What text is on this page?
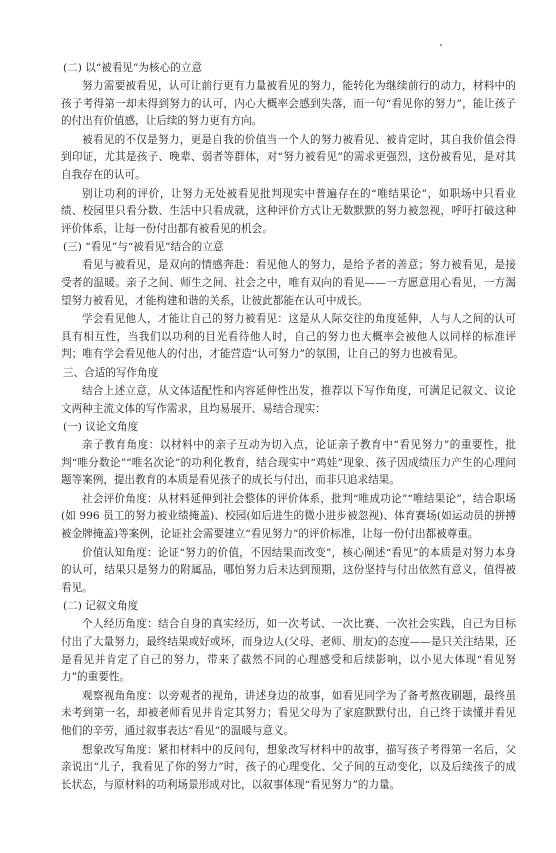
(二) 以“被看见”为核心的立意

努力需要被看见，认可让前行更有力量被看见的努力，能转化为继续前行的动力，材料中的孩子考得第一却未得到努力的认可，内心大概率会感到失落，而一句“看见你的努力”，能让孩子的付出有价值感，让后续的努力更有方向。

被看见的不仅是努力，更是自我的价值当一个人的努力被看见、被肯定时，其自我价值会得到印证，尤其是孩子、晚辈、弱者等群体，对“努力被看见”的需求更强烈，这份被看见，是对其自我存在的认可。

别让功利的评价，让努力无处被看见批判现实中普遍存在的“唯结果论”，如职场中只看业绩、校园里只看分数、生活中只看成就，这种评价方式让无数默默的努力被忽视，呼吁打破这种评价体系，让每一份付出都有被看见的机会。

(三) “看见”与“被看见”结合的立意

看见与被看见，是双向的情感奔赴：看见他人的努力，是给予者的善意；努力被看见，是接受者的温暖。亲子之间、师生之间、社会之中，唯有双向的看见——一方愿意用心看见，一方渴望努力被看见，才能构建和谐的关系，让彼此都能在认可中成长。

学会看见他人，才能让自己的努力被看见：这是从人际交往的角度延伸，人与人之间的认可具有相互性，当我们以功利的目光看待他人时，自己的努力也大概率会被他人以同样的标准评判；唯有学会看见他人的付出，才能营造“认可努力”的氛围，让自己的努力也被看见。

三、合适的写作角度

结合上述立意，从文体适配性和内容延伸性出发，推荐以下写作角度，可满足记叙文、议论文两种主流文体的写作需求，且均易展开、易结合现实：

(一) 议论文角度

亲子教育角度：以材料中的亲子互动为切入点，论证亲子教育中“看见努力”的重要性，批判“唯分数论”“唯名次论”的功利化教育，结合现实中“鸡娃”现象、孩子因成绩压力产生的心理问题等案例，提出教育的本质是看见孩子的成长与付出，而非只追求结果。

社会评价角度：从材料延伸到社会整体的评价体系，批判“唯成功论”“唯结果论”，结合职场(如 996 员工的努力被业绩掩盖)、校园(如后进生的微小进步被忽视)、体育赛场(如运动员的拼搏被金牌掩盖)等案例，论证社会需要建立“看见努力”的评价标准，让每一份付出都被尊重。

价值认知角度：论证“努力的价值，不因结果而改变”，核心阐述“看见”的本质是对努力本身的认可，结果只是努力的附属品，哪怕努力后未达到预期，这份坚持与付出依然有意义，值得被看见。

(二) 记叙文角度

个人经历角度：结合自身的真实经历，如一次考试、一次比赛、一次社会实践，自己为目标付出了大量努力，最终结果或好或坏，而身边人(父母、老师、朋友)的态度——是只关注结果，还是看见并肯定了自己的努力，带来了截然不同的心理感受和后续影响，以小见大体现“看见努力”的重要性。

观察视角角度：以旁观者的视角，讲述身边的故事，如看见同学为了备考熬夜刷题，最终虽未考到第一名，却被老师看见并肯定其努力；看见父母为了家庭默默付出，自己终于读懂并看见他们的辛劳，通过叙事表达“看见”的温暖与意义。

想象改写角度：紧扣材料中的反问句，想象改写材料中的故事，描写孩子考得第一名后，父亲说出“儿子，我看见了你的努力”时，孩子的心理变化、父子间的互动变化，以及后续孩子的成长状态，与原材料的功利场景形成对比，以叙事体现“看见努力”的力量。
